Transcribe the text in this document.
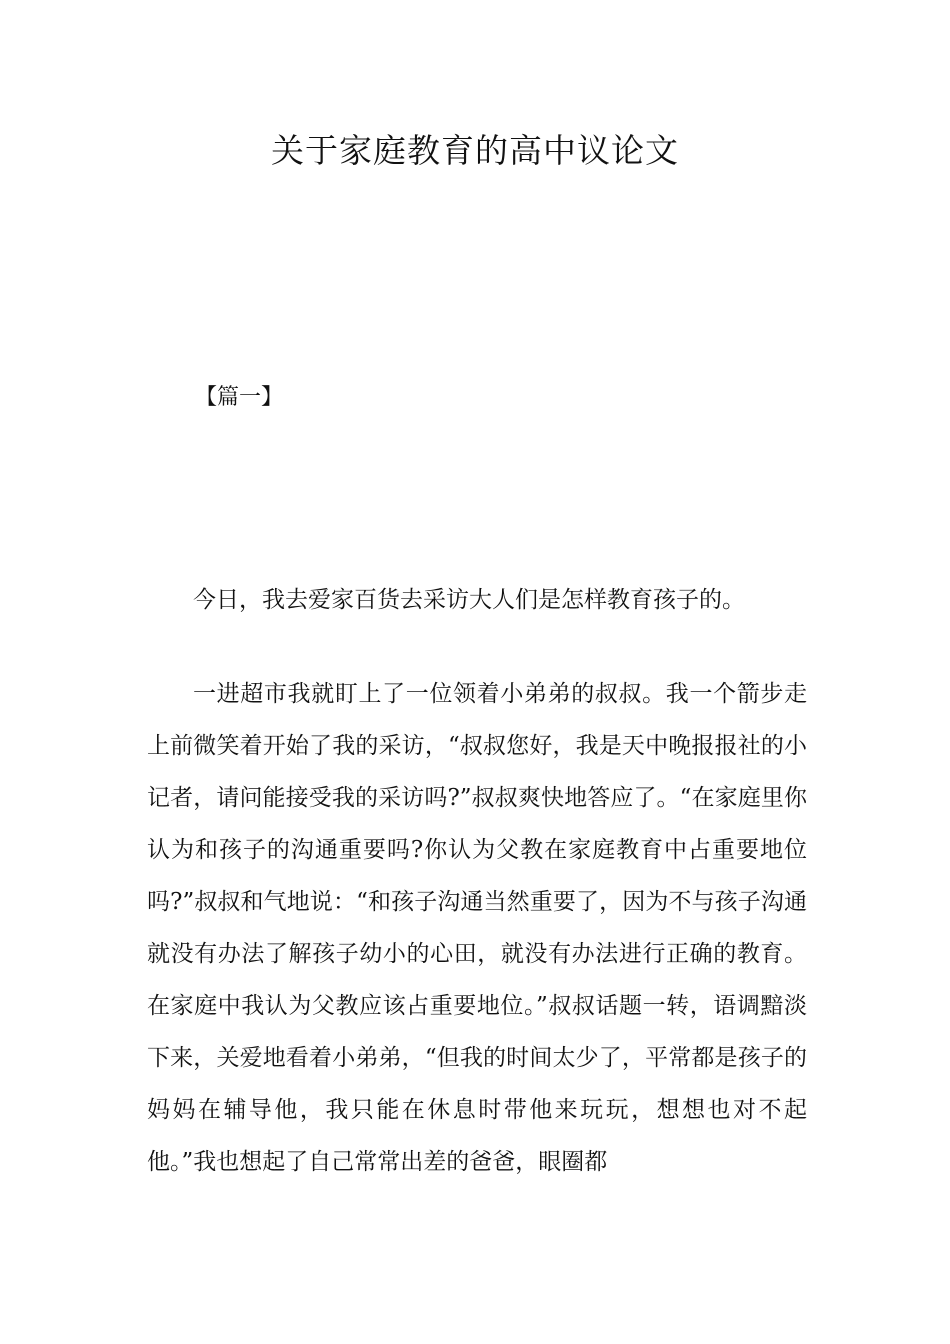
关于家庭教育的高中议论文

【篇一】

今日，我去爱家百货去采访大人们是怎样教育孩子的。

一进超市我就盯上了一位领着小弟弟的叔叔。我一个箭步走上前微笑着开始了我的采访，“叔叔您好，我是天中晚报报社的小记者，请问能接受我的采访吗?”叔叔爽快地答应了。“在家庭里你认为和孩子的沟通重要吗?你认为父教在家庭教育中占重要地位吗?”叔叔和气地说：“和孩子沟通当然重要了，因为不与孩子沟通就没有办法了解孩子幼小的心田，就没有办法进行正确的教育。在家庭中我认为父教应该占重要地位。”叔叔话题一转，语调黯淡下来，关爱地看着小弟弟，“但我的时间太少了，平常都是孩子的妈妈在辅导他，我只能在休息时带他来玩玩，想想也对不起他。”我也想起了自己常常出差的爸爸，眼圈都
